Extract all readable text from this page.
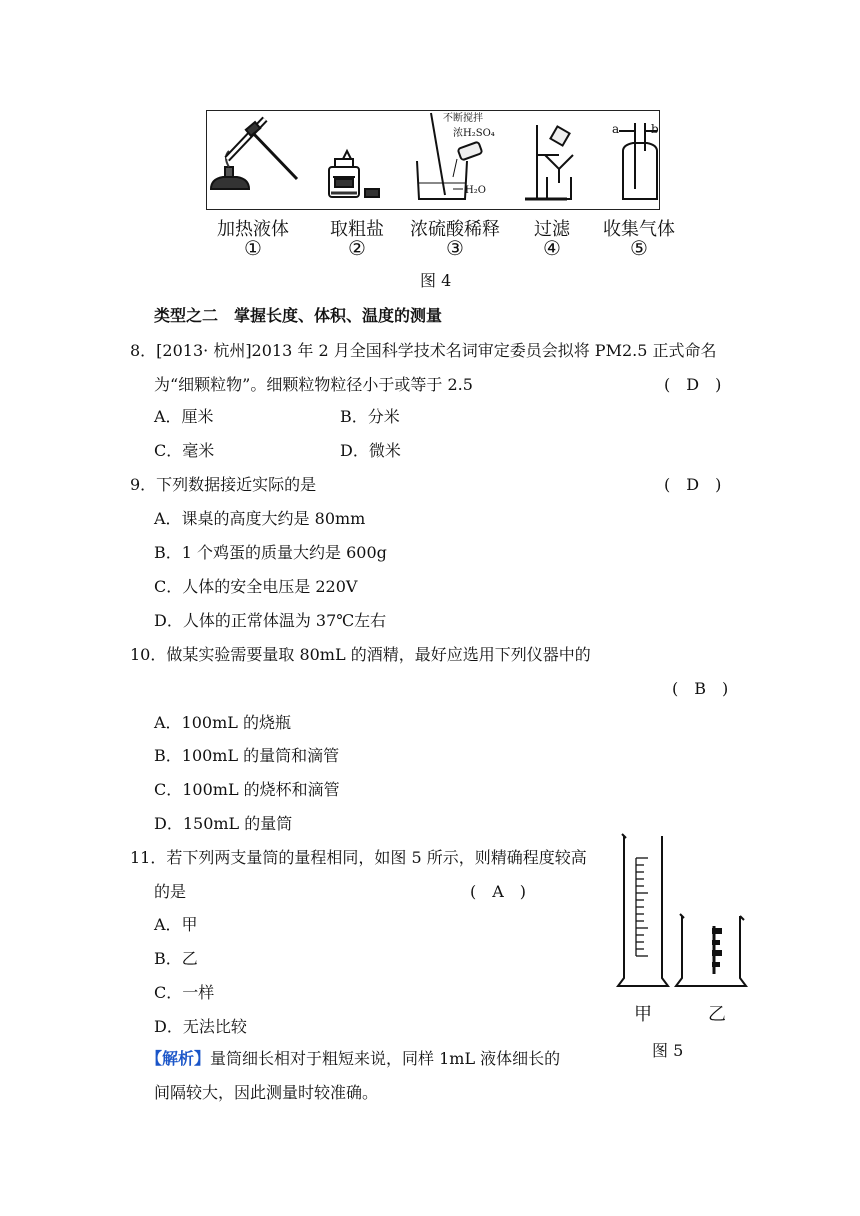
不断搅拌
浓H₂SO₄
H₂O
a	b
加热液体
①
取粗盐
②
浓硫酸稀释
③
过滤
④
收集气体
⑤
图 4
类型之二　掌握长度、体积、温度的测量
8．[2013· 杭州]2013 年 2 月全国科学技术名词审定委员会拟将 PM2.5 正式命名
为“细颗粒物”。细颗粒物粒径小于或等于 2.5	(　D　)
A．厘米	B．分米
C．毫米	D．微米
9．下列数据接近实际的是	(　D　)
A．课桌的高度大约是 80mm
B．1 个鸡蛋的质量大约是 600g
C．人体的安全电压是 220V
D．人体的正常体温为 37℃左右
10．做某实验需要量取 80mL 的酒精，最好应选用下列仪器中的
(　B　)
A．100mL 的烧瓶
B．100mL 的量筒和滴管
C．100mL 的烧杯和滴管
D．150mL 的量筒
11．若下列两支量筒的量程相同，如图 5 所示，则精确程度较高
的是	(　A　)
A．甲
B．乙
C．一样
D．无法比较
【解析】量筒细长相对于粗短来说，同样 1mL 液体细长的
间隔较大，因此测量时较准确。
甲	乙
图 5
